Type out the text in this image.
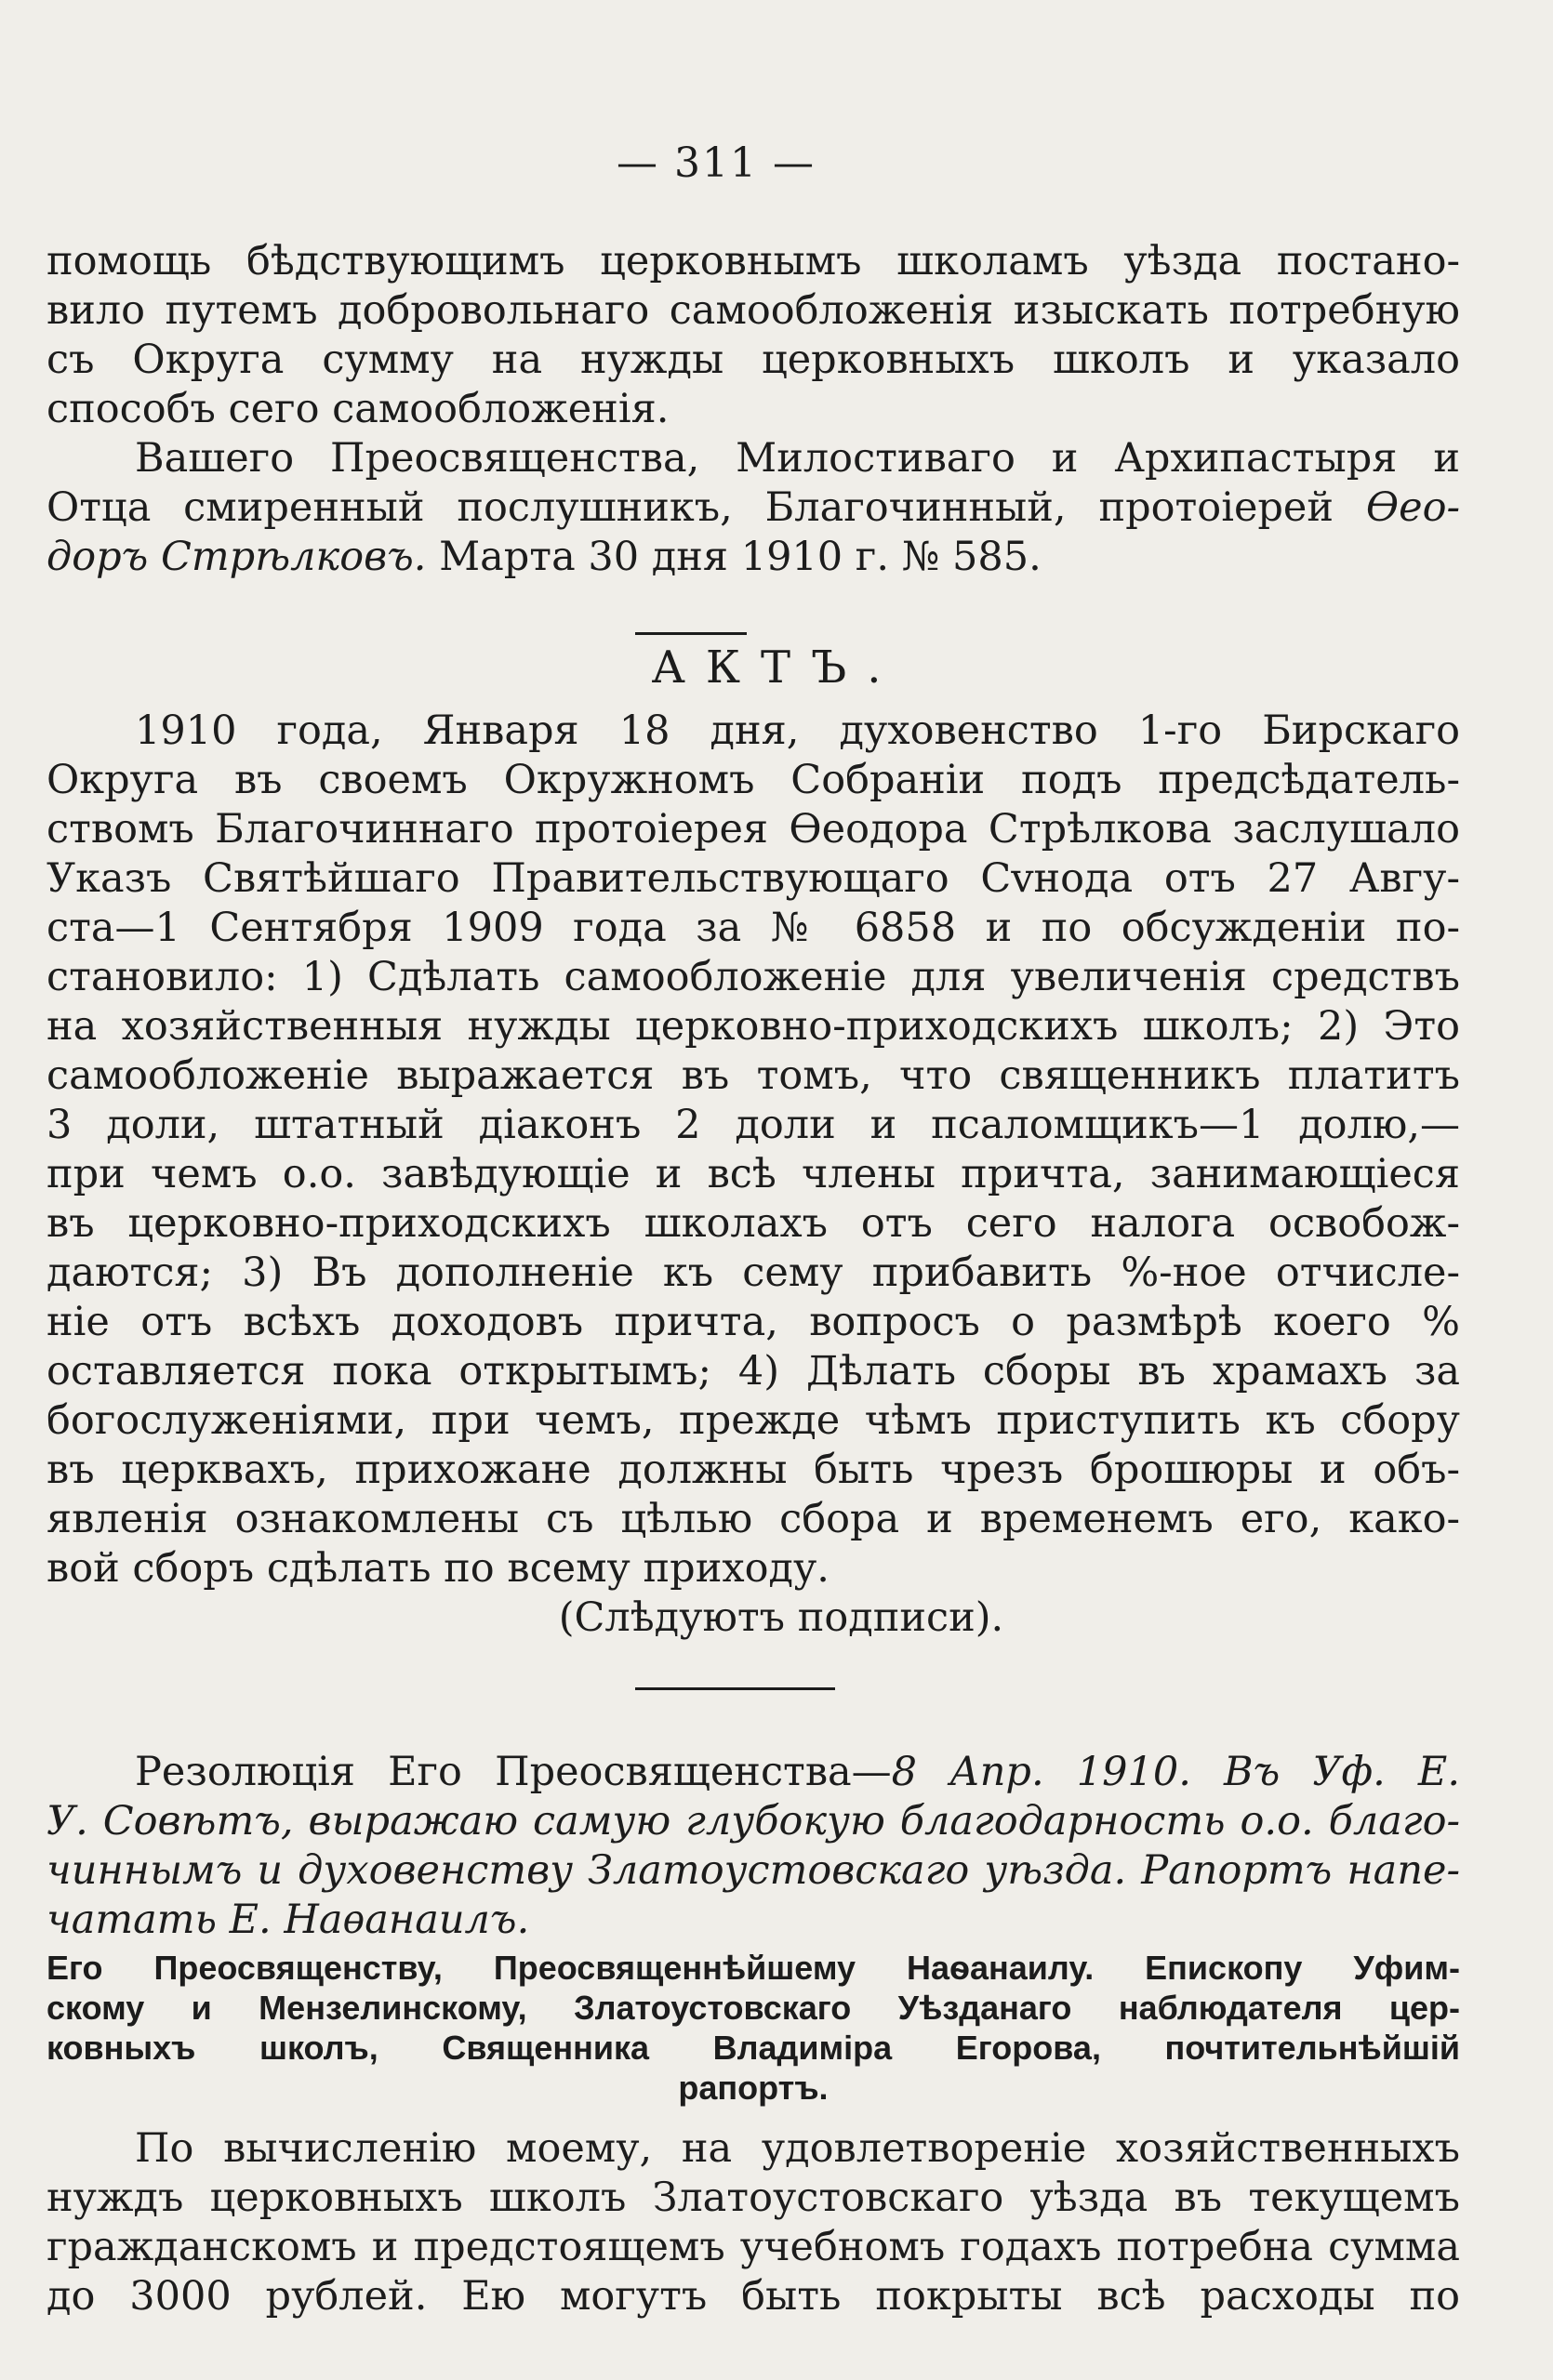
— 311 —
помощь бѣдствующимъ церковнымъ школамъ уѣзда постано-
вило путемъ добровольнаго самообложенія изыскать потребную
съ Округа сумму на нужды церковныхъ школъ и указало
способъ сего самообложенія.
Вашего Преосвященства, Милостиваго и Архипастыря и
Отца смиренный послушникъ, Благочинный, протоіерей Өео-
доръ Стрѣлковъ. Марта 30 дня 1910 г. № 585.
АКТЪ.
1910 года, Января 18 дня, духовенство 1-го Бирскаго
Округа въ своемъ Окружномъ Собраніи подъ предсѣдатель-
ствомъ Благочиннаго протоіерея Өеодора Стрѣлкова заслушало
Указъ Святѣйшаго Правительствующаго Сvнода отъ 27 Авгу-
ста—1 Сентября 1909 года за № 6858 и по обсужденіи по-
становило: 1) Сдѣлать самообложеніе для увеличенія средствъ
на хозяйственныя нужды церковно-приходскихъ школъ; 2) Это
самообложеніе выражается въ томъ, что священникъ платитъ
3 доли, штатный діаконъ 2 доли и псаломщикъ—1 долю,—
при чемъ о.о. завѣдующіе и всѣ члены причта, занимающіеся
въ церковно-приходскихъ школахъ отъ сего налога освобож-
даются; 3) Въ дополненіе къ сему прибавить %-ное отчисле-
ніе отъ всѣхъ доходовъ причта, вопросъ о размѣрѣ коего %
оставляется пока открытымъ; 4) Дѣлать сборы въ храмахъ за
богослуженіями, при чемъ, прежде чѣмъ приступить къ сбору
въ церквахъ, прихожане должны быть чрезъ брошюры и объ-
явленія ознакомлены съ цѣлью сбора и временемъ его, како-
вой сборъ сдѣлать по всему приходу.
(Слѣдуютъ подписи).
Резолюція Его Преосвященства—8 Апр. 1910. Въ Уф. Е.
У. Совѣтъ, выражаю самую глубокую благодарность о.о. благо-
чиннымъ и духовенству Златоустовскаго уѣзда. Рапортъ напе-
чатать Е. Наѳанаилъ.
Его Преосвященству, Преосвященнѣйшему Наѳанаилу. Епископу Уфим-
скому и Мензелинскому, Златоустовскаго Уѣзданаго наблюдателя цер-
ковныхъ школъ, Священника Владиміра Егорова, почтительнѣйшій
рапортъ.
По вычисленію моему, на удовлетвореніе хозяйственныхъ
нуждъ церковныхъ школъ Златоустовскаго уѣзда въ текущемъ
гражданскомъ и предстоящемъ учебномъ годахъ потребна сумма
до 3000 рублей. Ею могутъ быть покрыты всѣ расходы по
